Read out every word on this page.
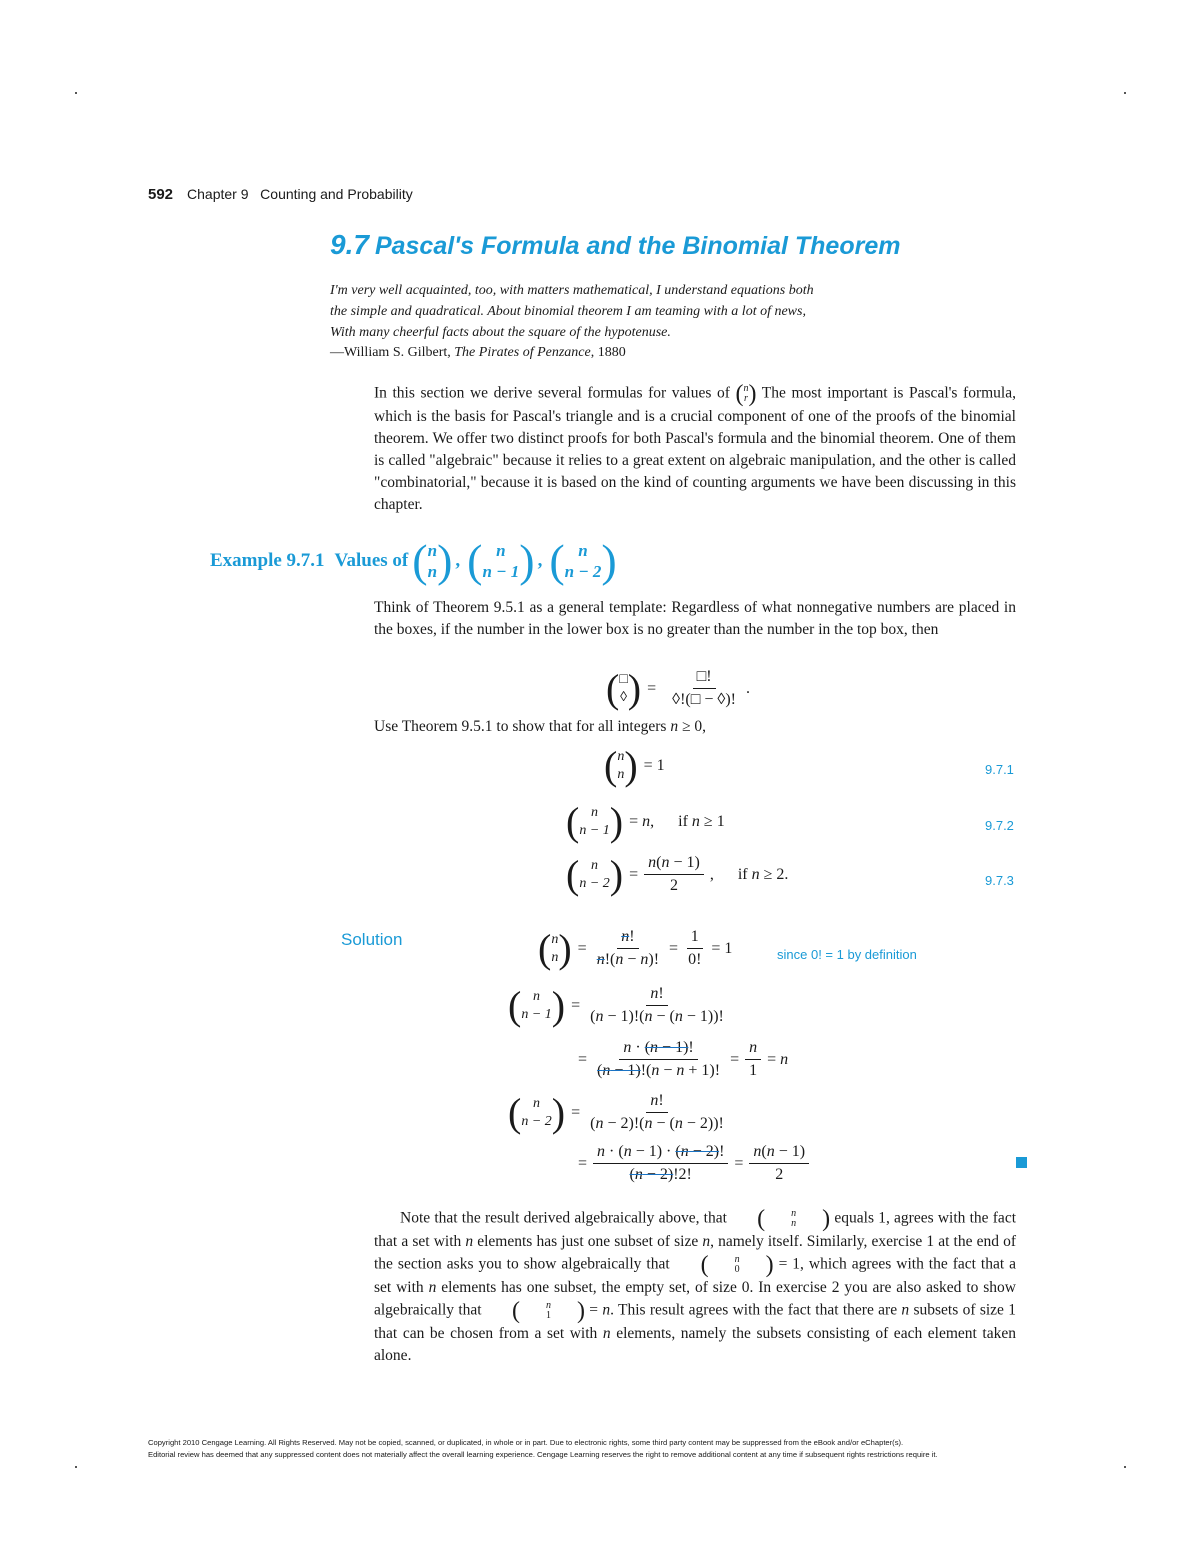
592 Chapter 9   Counting and Probability
9.7 Pascal's Formula and the Binomial Theorem
I'm very well acquainted, too, with matters mathematical, I understand equations both
the simple and quadratical. About binomial theorem I am teaming with a lot of news,
With many cheerful facts about the square of the hypotenuse.
—William S. Gilbert, The Pirates of Penzance, 1880
In this section we derive several formulas for values of ( n
r ) The most important is Pascal's formula, which is the basis for Pascal's triangle and is a crucial component of one of the proofs of the binomial theorem. We offer two distinct proofs for both Pascal's formula and the binomial theorem. One of them is called "algebraic" because it relies to a great extent on algebraic manipulation, and the other is called "combinatorial," because it is based on the kind of counting arguments we have been discussing in this chapter.
Example 9.7.1 Values of ( n
n ) , ( n
n − 1 ) , ( n
n − 2 )
Think of Theorem 9.5.1 as a general template: Regardless of what nonnegative numbers are placed in the boxes, if the number in the lower box is no greater than the number in the top box, then
( □
◊ ) = $\frac{□!}{◊!(□ - ◊)!}$ .
Use Theorem 9.5.1 to show that for all integers n ≥ 0,
( n
n ) = 1	9.7.1
( n
n − 1 ) = n, if n ≥ 1	9.7.2
( n
n − 2 ) = $\frac{n(n - 1)}{2}$ , if n ≥ 2.	9.7.3
Solution	( n
n ) = $\frac{n!}{n!(n - n)!} = \frac{1}{0!} = 1$	since 0! = 1 by definition
( n
n − 1 ) = $\frac{n!}{(n - 1)!(n - (n - 1))!}$
= $\frac{n \cdot (n - 1)!}{(n - 1)!(n - n + 1)!} = \frac{n}{1} = n$
( n
n − 2 ) = $\frac{n!}{(n - 2)!(n - (n - 2))!}$
= $\frac{n \cdot (n - 1) \cdot (n - 2)!}{(n - 2)!2!} = \frac{n(n - 1)}{2}$
Note that the result derived algebraically above, that	(	n
n	) equals 1, agrees with the fact that a set with n elements has just one subset of size n, namely itself. Similarly, exercise 1 at the end of the section asks you to show algebraically that	(	n
0	) = 1, which agrees with the fact that a set with n elements has one subset, the empty set, of size 0. In exercise 2 you are also asked to show algebraically that	(	n
1	) = n. This result agrees with the fact that there are n subsets of size 1 that can be chosen from a set with n elements, namely the subsets consisting of each element taken alone.
Copyright 2010 Cengage Learning. All Rights Reserved. May not be copied, scanned, or duplicated, in whole or in part. Due to electronic rights, some third party content may be suppressed from the eBook and/or eChapter(s).
Editorial review has deemed that any suppressed content does not materially affect the overall learning experience. Cengage Learning reserves the right to remove additional content at any time if subsequent rights restrictions require it.
